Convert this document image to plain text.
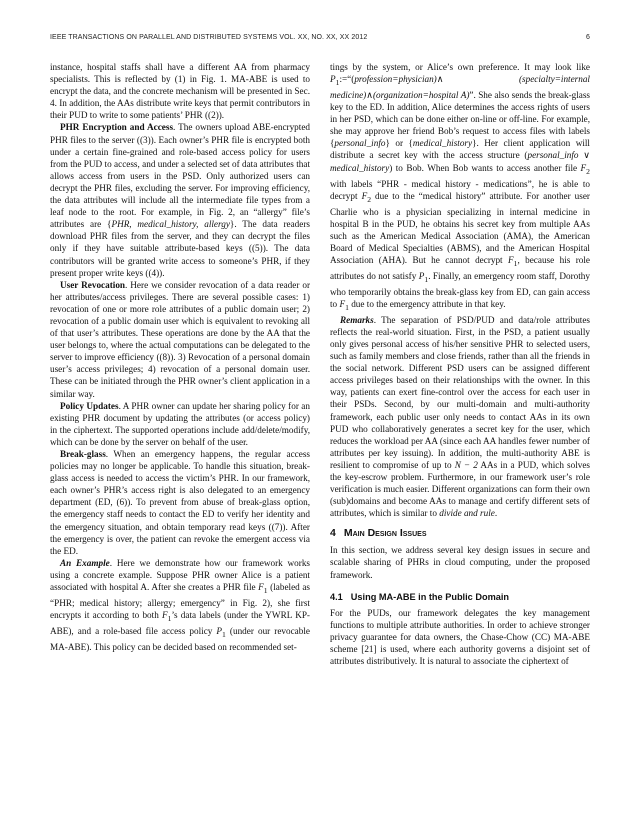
IEEE TRANSACTIONS ON PARALLEL AND DISTRIBUTED SYSTEMS VOL. XX, NO. XX, XX 2012	6

instance, hospital staffs shall have a different AA from pharmacy specialists. This is reflected by (1) in Fig. 1. MA-ABE is used to encrypt the data, and the concrete mechanism will be presented in Sec. 4. In addition, the AAs distribute write keys that permit contributors in their PUD to write to some patients’ PHR ((2)).

PHR Encryption and Access. The owners upload ABE-encrypted PHR files to the server ((3)). Each owner’s PHR file is encrypted both under a certain fine-grained and role-based access policy for users from the PUD to access, and under a selected set of data attributes that allows access from users in the PSD. Only authorized users can decrypt the PHR files, excluding the server. For improving efficiency, the data attributes will include all the intermediate file types from a leaf node to the root. For example, in Fig. 2, an “allergy” file’s attributes are {PHR, medical_history, allergy}. The data readers download PHR files from the server, and they can decrypt the files only if they have suitable attribute-based keys ((5)). The data contributors will be granted write access to someone’s PHR, if they present proper write keys ((4)).

User Revocation. Here we consider revocation of a data reader or her attributes/access privileges. There are several possible cases: 1) revocation of one or more role attributes of a public domain user; 2) revocation of a public domain user which is equivalent to revoking all of that user’s attributes. These operations are done by the AA that the user belongs to, where the actual computations can be delegated to the server to improve efficiency ((8)). 3) Revocation of a personal domain user’s access privileges; 4) revocation of a personal domain user. These can be initiated through the PHR owner’s client application in a similar way.

Policy Updates. A PHR owner can update her sharing policy for an existing PHR document by updating the attributes (or access policy) in the ciphertext. The supported operations include add/delete/modify, which can be done by the server on behalf of the user.

Break-glass. When an emergency happens, the regular access policies may no longer be applicable. To handle this situation, break-glass access is needed to access the victim’s PHR. In our framework, each owner’s PHR’s access right is also delegated to an emergency department (ED, (6)). To prevent from abuse of break-glass option, the emergency staff needs to contact the ED to verify her identity and the emergency situation, and obtain temporary read keys ((7)). After the emergency is over, the patient can revoke the emergent access via the ED.

An Example. Here we demonstrate how our framework works using a concrete example. Suppose PHR owner Alice is a patient associated with hospital A. After she creates a PHR file $F_1$ (labeled as “PHR; medical history; allergy; emergency” in Fig. 2), she first encrypts it according to both $F_1’s$ data labels (under the YWRL KP-ABE), and a role-based file access policy $P_1$ (under our revocable MA-ABE). This policy can be decided based on recommended set-

tings by the system, or Alice’s own preference. It may look like $P_1:=“(profession=physician)\wedge$ (specialty=internal medicine)∧(organization=hospital A)”. She also sends the break-glass key to the ED. In addition, Alice determines the access rights of users in her PSD, which can be done either on-line or off-line. For example, she may approve her friend Bob’s request to access files with labels {personal_info} or {medical_history}. Her client application will distribute a secret key with the access structure (personal_info ∨ medical_history) to Bob. When Bob wants to access another file $F_2$ with labels “PHR - medical history - medications”, he is able to decrypt $F_2$ due to the “medical history” attribute. For another user Charlie who is a physician specializing in internal medicine in hospital B in the PUD, he obtains his secret key from multiple AAs such as the American Medical Association (AMA), the American Board of Medical Specialties (ABMS), and the American Hospital Association (AHA). But he cannot decrypt $F_1$, because his role attributes do not satisfy $P_1$. Finally, an emergency room staff, Dorothy who temporarily obtains the break-glass key from ED, can gain access to $F_1$ due to the emergency attribute in that key.

Remarks. The separation of PSD/PUD and data/role attributes reflects the real-world situation. First, in the PSD, a patient usually only gives personal access of his/her sensitive PHR to selected users, such as family members and close friends, rather than all the friends in the social network. Different PSD users can be assigned different access privileges based on their relationships with the owner. In this way, patients can exert fine-control over the access for each user in their PSDs. Second, by our multi-domain and multi-authority framework, each public user only needs to contact AAs in its own PUD who collaboratively generates a secret key for the user, which reduces the workload per AA (since each AA handles fewer number of attributes per key issuing). In addition, the multi-authority ABE is resilient to compromise of up to N − 2 AAs in a PUD, which solves the key-escrow problem. Furthermore, in our framework user’s role verification is much easier. Different organizations can form their own (sub)domains and become AAs to manage and certify different sets of attributes, which is similar to divide and rule.

4 Main Design Issues

In this section, we address several key design issues in secure and scalable sharing of PHRs in cloud computing, under the proposed framework.

4.1 Using MA-ABE in the Public Domain

For the PUDs, our framework delegates the key management functions to multiple attribute authorities. In order to achieve stronger privacy guarantee for data owners, the Chase-Chow (CC) MA-ABE scheme [21] is used, where each authority governs a disjoint set of attributes distributively. It is natural to associate the ciphertext of
